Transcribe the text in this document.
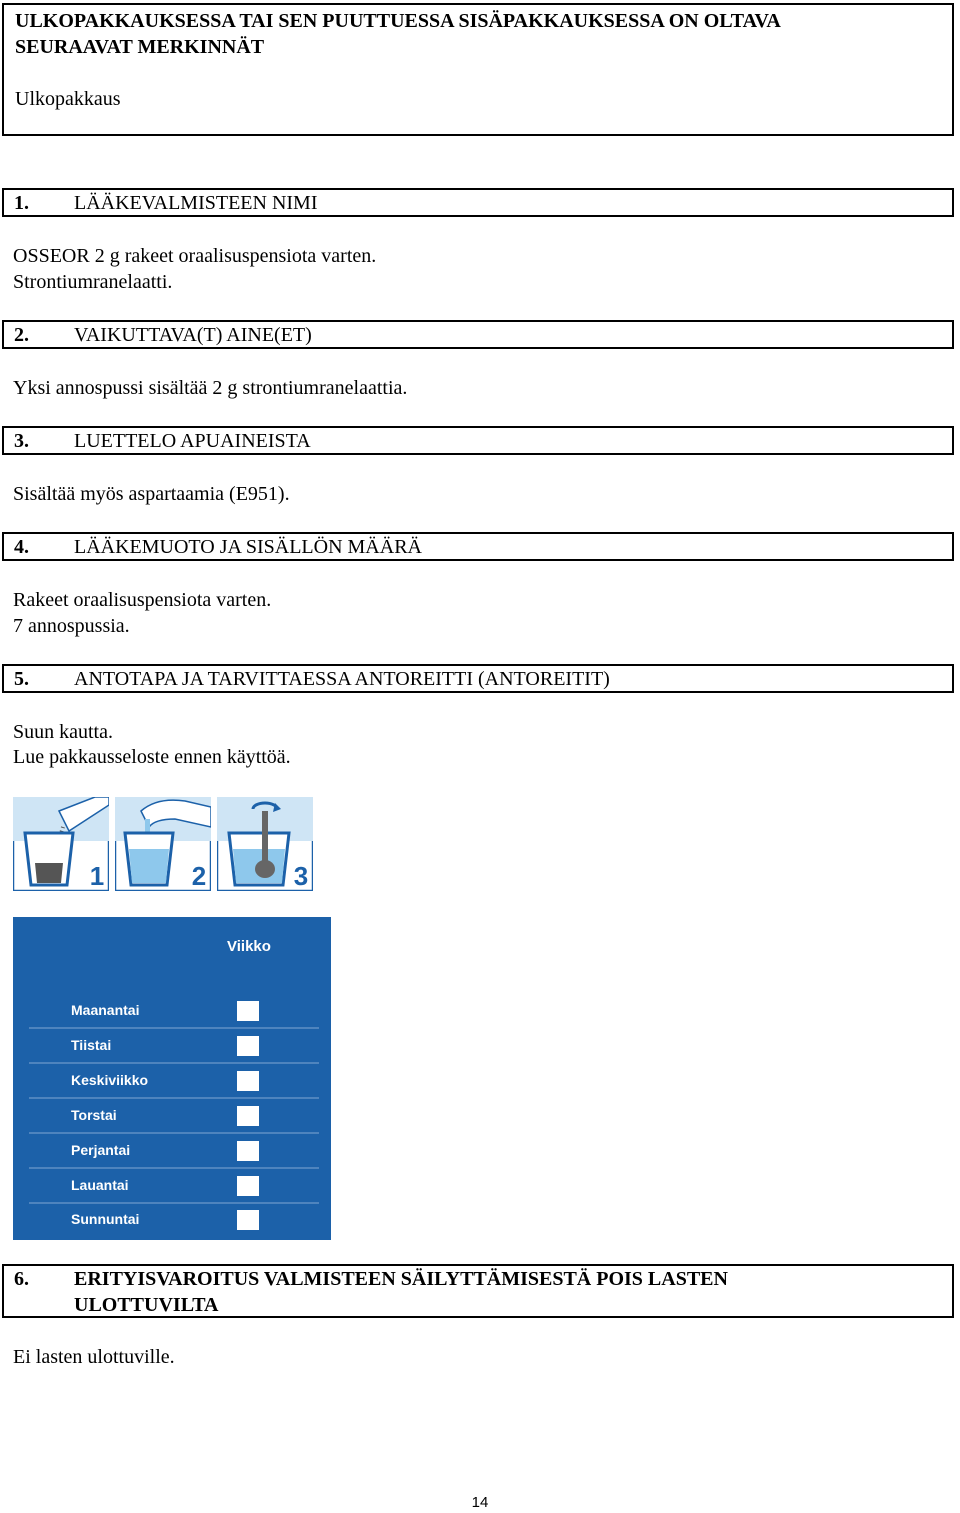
ULKOPAKKAUKSESSA TAI SEN PUUTTUESSA SISÄPAKKAUKSESSA ON OLTAVA
SEURAAVAT MERKINNÄT
Ulkopakkaus
1. LÄÄKEVALMISTEEN NIMI
OSSEOR 2 g rakeet oraalisuspensiota varten.
Strontiumranelaatti.
2. VAIKUTTAVA(T) AINE(ET)
Yksi annospussi sisältää 2 g strontiumranelaattia.
3. LUETTELO APUAINEISTA
Sisältää myös aspartaamia (E951).
4. LÄÄKEMUOTO JA SISÄLLÖN MÄÄRÄ
Rakeet oraalisuspensiota varten.
7 annospussia.
5. ANTOTAPA JA TARVITTAESSA ANTOREITTI (ANTOREITIT)
Suun kautta.
Lue pakkausseloste ennen käyttöä.
1	2	3
Viikko
Maanantai
Tiistai
Keskiviikko
Torstai
Perjantai
Lauantai
Sunnuntai
6. ERITYISVAROITUS VALMISTEEN SÄILYTTÄMISESTÄ POIS LASTEN
ULOTTUVILTA
Ei lasten ulottuville.
14
